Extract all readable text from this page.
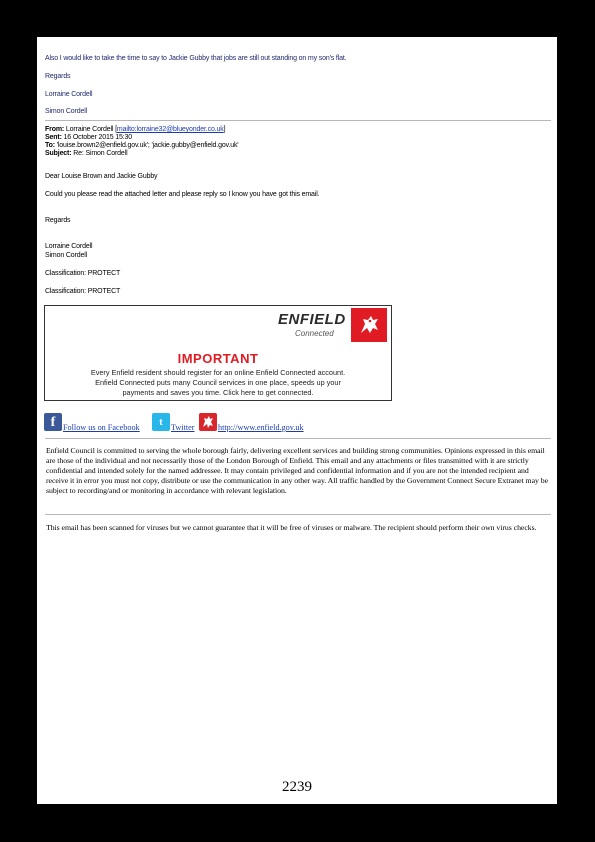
Also I would like to take the time to say to Jackie Gubby that jobs are still out standing on my son's flat.
Regards
Lorraine Cordell
Simon Cordell
From: Lorraine Cordell [mailto:lorraine32@blueyonder.co.uk]
Sent: 16 October 2015 15:30
To: 'louise.brown2@enfield.gov.uk'; 'jackie.gubby@enfield.gov.uk'
Subject: Re: Simon Cordell
Dear Louise Brown and Jackie Gubby
Could you please read the attached letter and please reply so I know you have got this email.
Regards
Lorraine Cordell
Simon Cordell
Classification: PROTECT
Classification: PROTECT
ENFIELD
Connected
IMPORTANT
Every Enfield resident should register for an online Enfield Connected account.
Enfield Connected puts many Council services in one place, speeds up your
payments and saves you time. Click here to get connected.
f Follow us on Facebook	t Twitter	http://www.enfield.gov.uk
Enfield Council is committed to serving the whole borough fairly, delivering excellent services and building strong communities. Opinions expressed in this email are those of the individual and not necessarily those of the London Borough of Enfield. This email and any attachments or files transmitted with it are strictly confidential and intended solely for the named addressee. It may contain privileged and confidential information and if you are not the intended recipient and receive it in error you must not copy, distribute or use the communication in any other way. All traffic handled by the Government Connect Secure Extranet may be subject to recording/and or monitoring in accordance with relevant legislation.
This email has been scanned for viruses but we cannot guarantee that it will be free of viruses or malware. The recipient should perform their own virus checks.
2239
